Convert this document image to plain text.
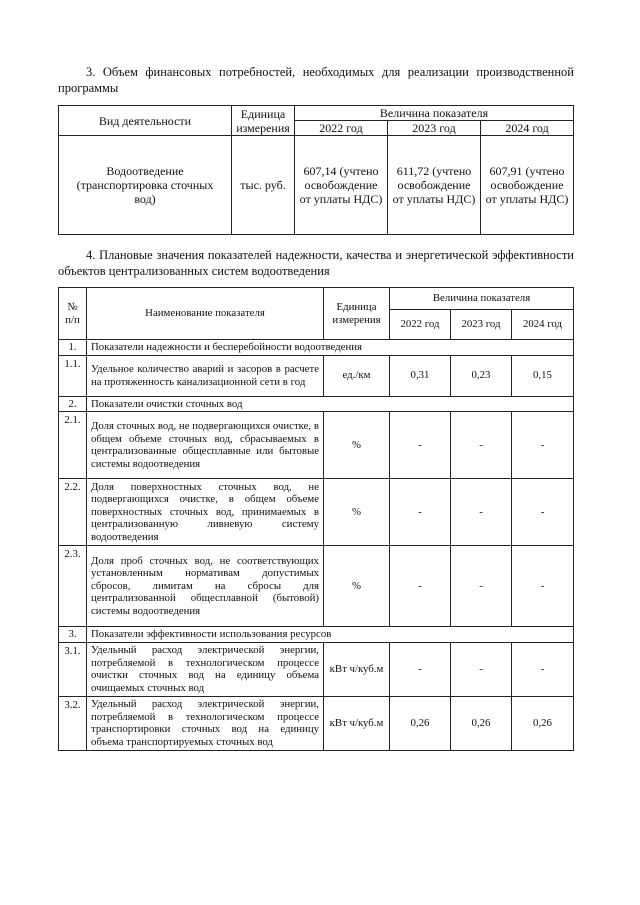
3. Объем финансовых потребностей, необходимых для реализации производственной программы
Вид деятельности	Единица измерения	Величина показателя		
		2022 год	2023 год	2024 год
Водоотведение (транспортировка сточных вод)	тыс. руб.	607,14 (учтено освобождение от уплаты НДС)	611,72 (учтено освобождение от уплаты НДС)	607,91 (учтено освобождение от уплаты НДС)
4. Плановые значения показателей надежности, качества и энергетической эффективности объектов централизованных систем водоотведения
№ п/п	Наименование показателя	Единица измерения	Величина показателя		
			2022 год	2023 год	2024 год
1.	Показатели надежности и бесперебойности водоотведения				
1.1.	Удельное количество аварий и засоров в расчете на протяженность канализационной сети в год	ед./км	0,31	0,23	0,15
2.	Показатели очистки сточных вод				
2.1.	Доля сточных вод, не подвергающихся очистке, в общем объеме сточных вод, сбрасываемых в централизованные общесплавные или бытовые системы водоотведения	%	-	-	-
2.2.	Доля поверхностных сточных вод, не подвергающихся очистке, в общем объеме поверхностных сточных вод, принимаемых в централизованную ливневую систему водоотведения	%	-	-	-
2.3.	Доля проб сточных вод, не соответствующих установленным нормативам допустимых сбросов, лимитам на сбросы для централизованной общесплавной (бытовой) системы водоотведения	%	-	-	-
3.	Показатели эффективности использования ресурсов				
3.1.	Удельный расход электрической энергии, потребляемой в технологическом процессе очистки сточных вод на единицу объема очищаемых сточных вод	кВт ч/куб.м	-	-	-
3.2.	Удельный расход электрической энергии, потребляемой в технологическом процессе транспортировки сточных вод на единицу объема транспортируемых сточных вод	кВт ч/куб.м	0,26	0,26	0,26
